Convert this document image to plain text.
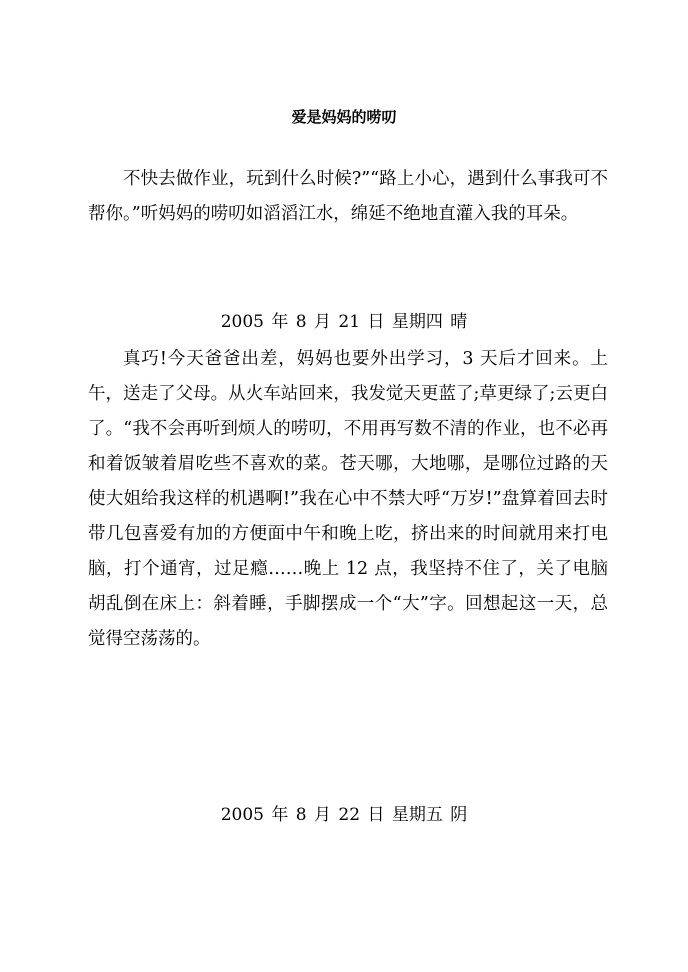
爱是妈妈的唠叨
不快去做作业，玩到什么时候?”“路上小心，遇到什么事我可不帮你。”听妈妈的唠叨如滔滔江水，绵延不绝地直灌入我的耳朵。
2005 年 8 月 21 日 星期四 晴
真巧!今天爸爸出差，妈妈也要外出学习，3 天后才回来。上午，送走了父母。从火车站回来，我发觉天更蓝了;草更绿了;云更白了。“我不会再听到烦人的唠叨，不用再写数不清的作业，也不必再和着饭皱着眉吃些不喜欢的菜。苍天哪，大地哪，是哪位过路的天使大姐给我这样的机遇啊!”我在心中不禁大呼“万岁!”盘算着回去时带几包喜爱有加的方便面中午和晚上吃，挤出来的时间就用来打电脑，打个通宵，过足瘾……晚上 12 点，我坚持不住了，关了电脑胡乱倒在床上：斜着睡，手脚摆成一个“大”字。回想起这一天，总觉得空荡荡的。
2005 年 8 月 22 日 星期五 阴
